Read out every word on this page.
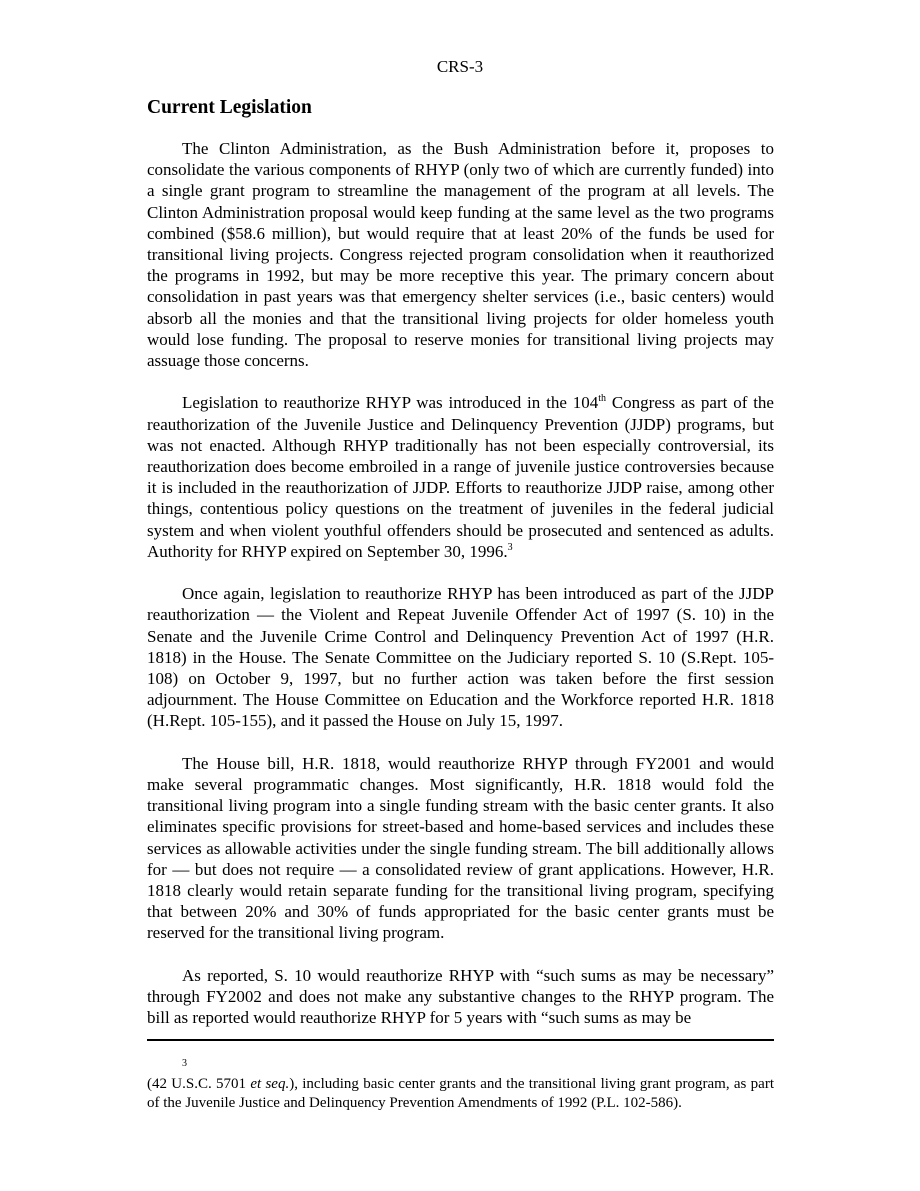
CRS-3
Current Legislation

The Clinton Administration, as the Bush Administration before it, proposes to consolidate the various components of RHYP (only two of which are currently funded) into a single grant program to streamline the management of the program at all levels. The Clinton Administration proposal would keep funding at the same level as the two programs combined ($58.6 million), but would require that at least 20% of the funds be used for transitional living projects. Congress rejected program consolidation when it reauthorized the programs in 1992, but may be more receptive this year. The primary concern about consolidation in past years was that emergency shelter services (i.e., basic centers) would absorb all the monies and that the transitional living projects for older homeless youth would lose funding. The proposal to reserve monies for transitional living projects may assuage those concerns.

Legislation to reauthorize RHYP was introduced in the 104th Congress as part of the reauthorization of the Juvenile Justice and Delinquency Prevention (JJDP) programs, but was not enacted. Although RHYP traditionally has not been especially controversial, its reauthorization does become embroiled in a range of juvenile justice controversies because it is included in the reauthorization of JJDP. Efforts to reauthorize JJDP raise, among other things, contentious policy questions on the treatment of juveniles in the federal judicial system and when violent youthful offenders should be prosecuted and sentenced as adults. Authority for RHYP expired on September 30, 1996.$^3$

Once again, legislation to reauthorize RHYP has been introduced as part of the JJDP reauthorization — the Violent and Repeat Juvenile Offender Act of 1997 (S. 10) in the Senate and the Juvenile Crime Control and Delinquency Prevention Act of 1997 (H.R. 1818) in the House. The Senate Committee on the Judiciary reported S. 10 (S.Rept. 105-108) on October 9, 1997, but no further action was taken before the first session adjournment. The House Committee on Education and the Workforce reported H.R. 1818 (H.Rept. 105-155), and it passed the House on July 15, 1997.

The House bill, H.R. 1818, would reauthorize RHYP through FY2001 and would make several programmatic changes. Most significantly, H.R. 1818 would fold the transitional living program into a single funding stream with the basic center grants. It also eliminates specific provisions for street-based and home-based services and includes these services as allowable activities under the single funding stream. The bill additionally allows for — but does not require — a consolidated review of grant applications. However, H.R. 1818 clearly would retain separate funding for the transitional living program, specifying that between 20% and 30% of funds appropriated for the basic center grants must be reserved for the transitional living program.

As reported, S. 10 would reauthorize RHYP with “such sums as may be necessary” through FY2002 and does not make any substantive changes to the RHYP program. The bill as reported would reauthorize RHYP for 5 years with “such sums as may be

3
(42 U.S.C. 5701 et seq.), including basic center grants and the transitional living grant program, as part of the Juvenile Justice and Delinquency Prevention Amendments of 1992 (P.L. 102-586).
